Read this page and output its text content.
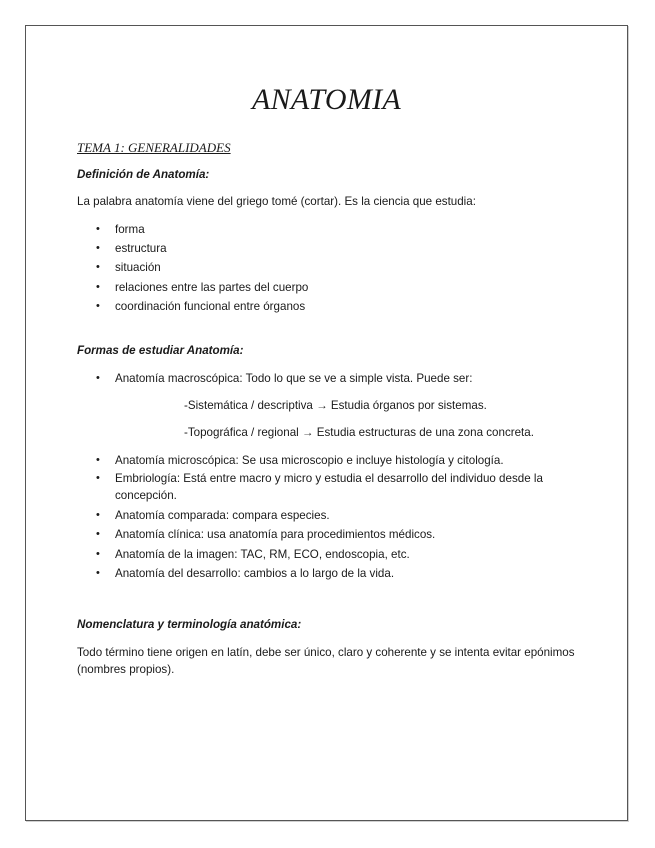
ANATOMIA

TEMA 1: GENERALIDADES

Definición de Anatomía:

La palabra anatomía viene del griego tomé (cortar). Es la ciencia que estudia:

• forma
• estructura
• situación
• relaciones entre las partes del cuerpo
• coordinación funcional entre órganos

Formas de estudiar Anatomía:

• Anatomía macroscópica: Todo lo que se ve a simple vista. Puede ser:

-Sistemática / descriptiva → Estudia órganos por sistemas.

-Topográfica / regional → Estudia estructuras de una zona concreta.

• Anatomía microscópica: Se usa microscopio e incluye histología y citología.
• Embriología: Está entre macro y micro y estudia el desarrollo del individuo desde la concepción.
• Anatomía comparada: compara especies.
• Anatomía clínica: usa anatomía para procedimientos médicos.
• Anatomía de la imagen: TAC, RM, ECO, endoscopia, etc.
• Anatomía del desarrollo: cambios a lo largo de la vida.

Nomenclatura y terminología anatómica:

Todo término tiene origen en latín, debe ser único, claro y coherente y se intenta evitar epónimos (nombres propios).
